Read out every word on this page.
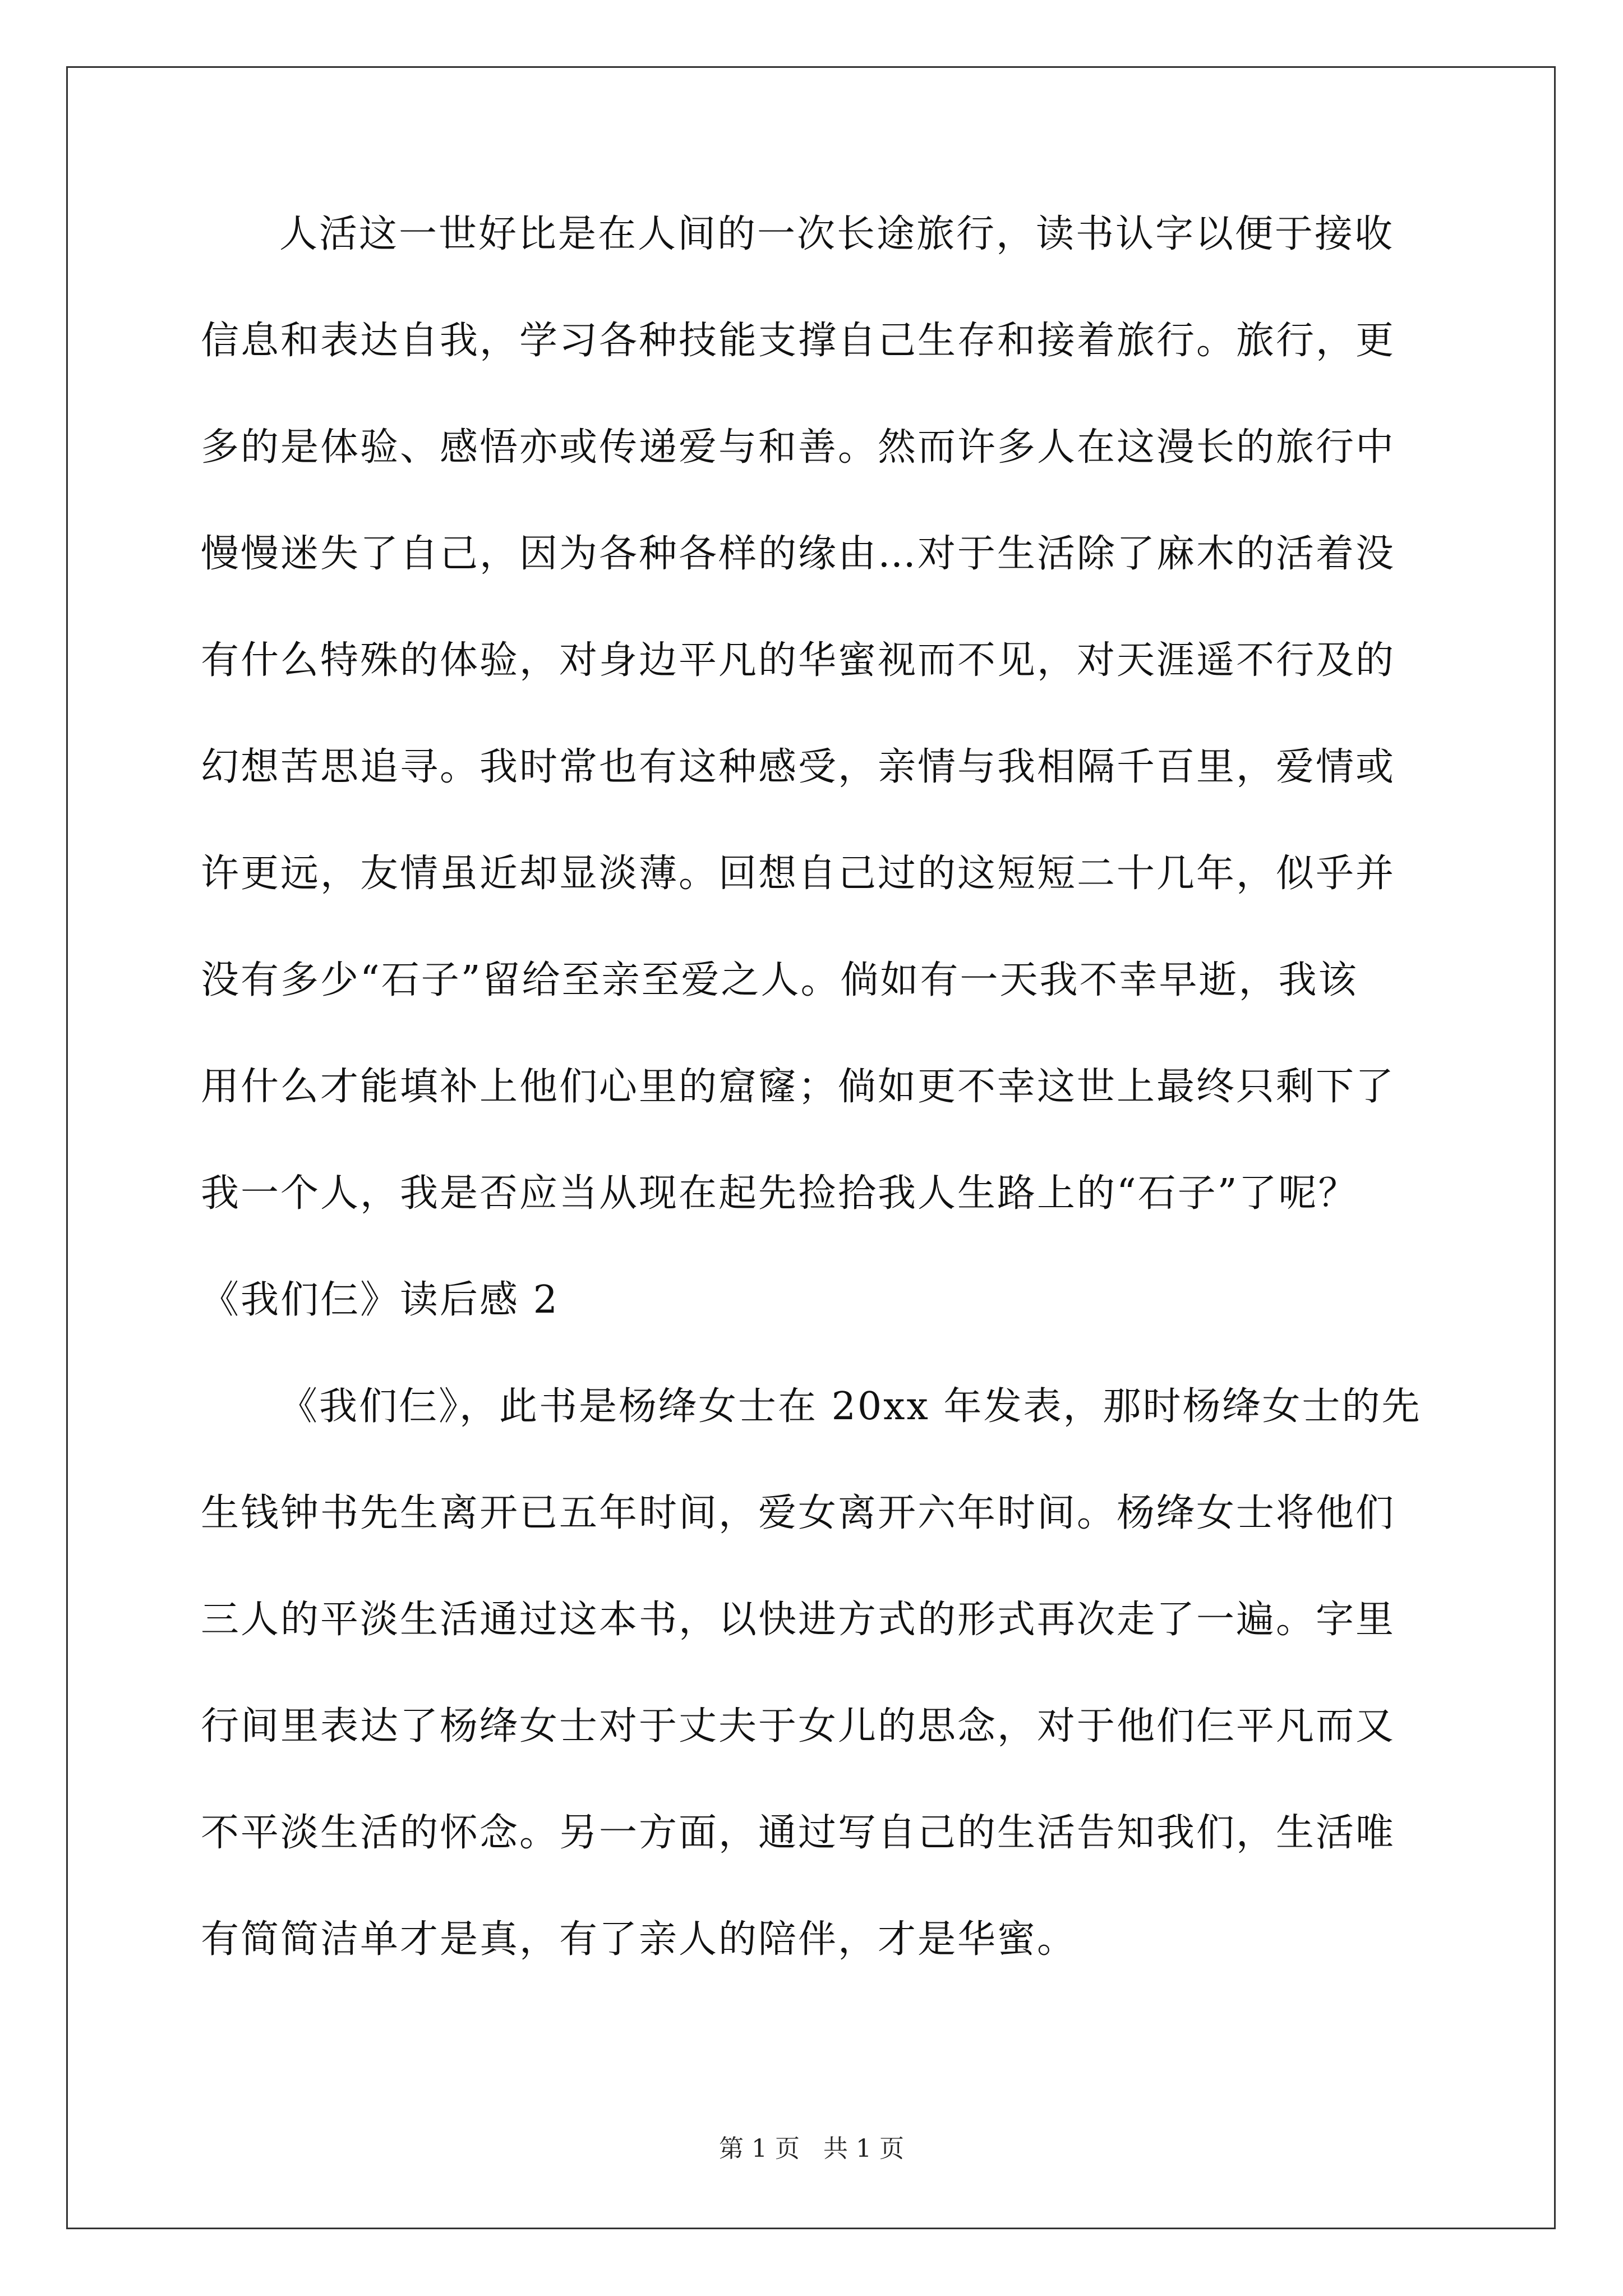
人活这一世好比是在人间的一次长途旅行，读书认字以便于接收
信息和表达自我，学习各种技能支撑自己生存和接着旅行。旅行，更
多的是体验、感悟亦或传递爱与和善。然而许多人在这漫长的旅行中
慢慢迷失了自己，因为各种各样的缘由…对于生活除了麻木的活着没
有什么特殊的体验，对身边平凡的华蜜视而不见，对天涯遥不行及的
幻想苦思追寻。我时常也有这种感受，亲情与我相隔千百里，爱情或
许更远，友情虽近却显淡薄。回想自己过的这短短二十几年，似乎并
没有多少“石子”留给至亲至爱之人。倘如有一天我不幸早逝，我该
用什么才能填补上他们心里的窟窿；倘如更不幸这世上最终只剩下了
我一个人，我是否应当从现在起先捡拾我人生路上的“石子”了呢？
《我们仨》读后感 2
《我们仨》，此书是杨绛女士在 20xx 年发表，那时杨绛女士的先
生钱钟书先生离开已五年时间，爱女离开六年时间。杨绛女士将他们
三人的平淡生活通过这本书，以快进方式的形式再次走了一遍。字里
行间里表达了杨绛女士对于丈夫于女儿的思念，对于他们仨平凡而又
不平淡生活的怀念。另一方面，通过写自己的生活告知我们，生活唯
有简简洁单才是真，有了亲人的陪伴，才是华蜜。
第 1 页   共 1 页
